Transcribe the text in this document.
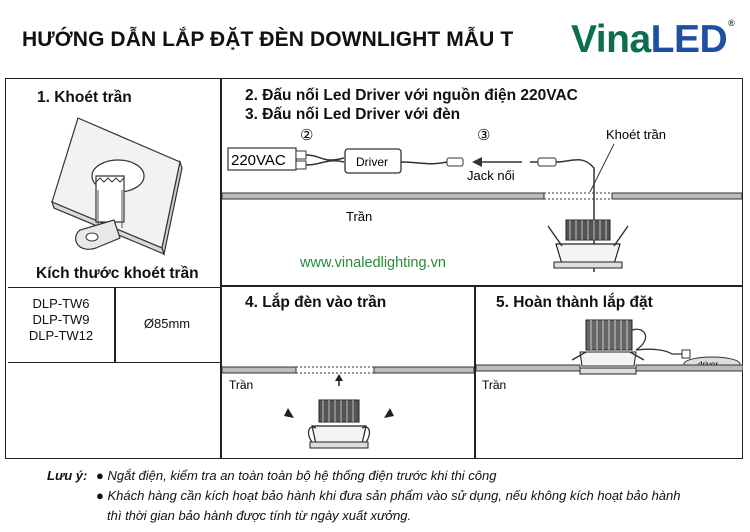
HƯỚNG DẪN LẮP ĐẶT ĐÈN DOWNLIGHT MẪU T VinaLED®
1. Khoét trần
Kích thước khoét trần
DLP-TW6
DLP-TW9
DLP-TW12
Ø85mm
2. Đấu nối Led Driver với nguồn điện 220VAC
3. Đấu nối Led Driver với đèn
220VAC
②
Driver
③
Jack nối
Khoét trần
Trần
www.vinaledlighting.vn
4. Lắp đèn vào trần
Trần
5. Hoàn thành lắp đặt
Trần
Lưu ý: ● Ngắt điện, kiểm tra an toàn toàn bộ hệ thống điện trước khi thi công
● Khách hàng cần kích hoạt bảo hành khi đưa sản phẩm vào sử dụng, nếu không kích hoạt bảo hành
thì thời gian bảo hành được tính từ ngày xuất xưởng.
